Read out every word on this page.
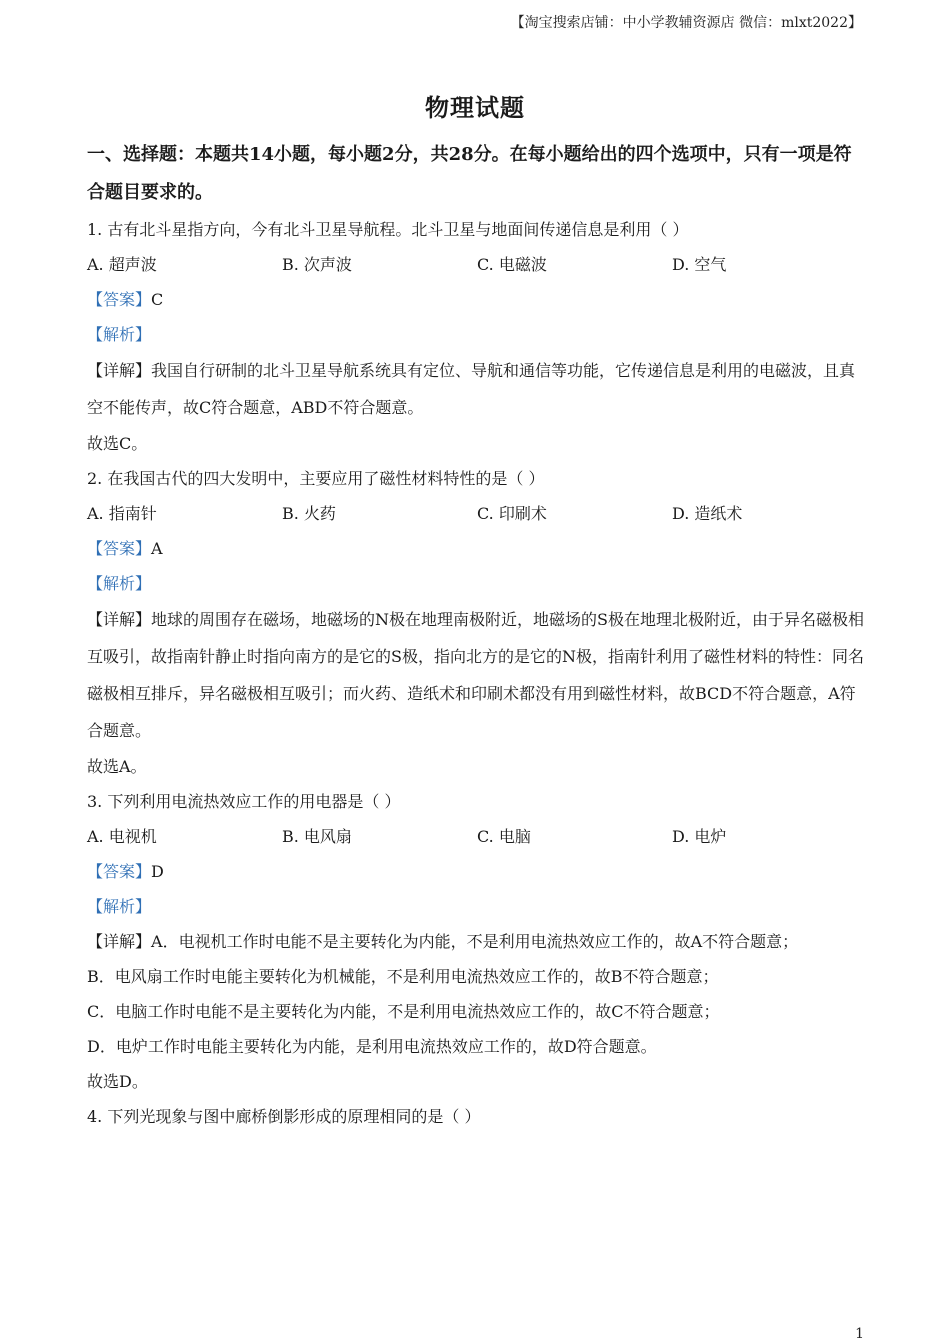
【淘宝搜索店铺：中小学教辅资源店 微信：mlxt2022】
物理试题

一、选择题：本题共14小题，每小题2分，共28分。在每小题给出的四个选项中，只有一项是符合题目要求的。

1. 古有北斗星指方向，今有北斗卫星导航程。北斗卫星与地面间传递信息是利用（ ）

A. 超声波	B. 次声波	C. 电磁波	D. 空气

【答案】C

【解析】

【详解】我国自行研制的北斗卫星导航系统具有定位、导航和通信等功能，它传递信息是利用的电磁波，且真空不能传声，故C符合题意，ABD不符合题意。

故选C。

2. 在我国古代的四大发明中，主要应用了磁性材料特性的是（ ）

A. 指南针	B. 火药	C. 印刷术	D. 造纸术

【答案】A

【解析】

【详解】地球的周围存在磁场，地磁场的N极在地理南极附近，地磁场的S极在地理北极附近，由于异名磁极相互吸引，故指南针静止时指向南方的是它的S极，指向北方的是它的N极，指南针利用了磁性材料的特性：同名磁极相互排斥，异名磁极相互吸引；而火药、造纸术和印刷术都没有用到磁性材料，故BCD不符合题意，A符合题意。

故选A。

3. 下列利用电流热效应工作的用电器是（ ）

A. 电视机	B. 电风扇	C. 电脑	D. 电炉

【答案】D

【解析】

【详解】A．电视机工作时电能不是主要转化为内能，不是利用电流热效应工作的，故A不符合题意；

B．电风扇工作时电能主要转化为机械能，不是利用电流热效应工作的，故B不符合题意；

C．电脑工作时电能不是主要转化为内能，不是利用电流热效应工作的，故C不符合题意；

D．电炉工作时电能主要转化为内能，是利用电流热效应工作的，故D符合题意。

故选D。

4. 下列光现象与图中廊桥倒影形成的原理相同的是（ ）

1
